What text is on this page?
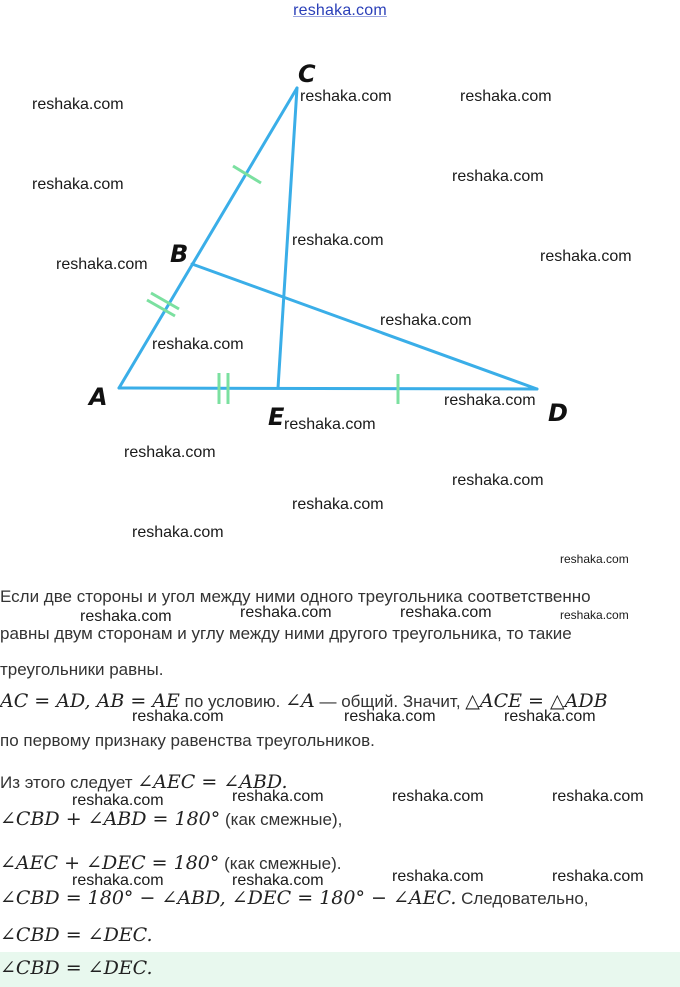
reshaka.com
C
B
A
E	D
reshaka.com	reshaka.com	reshaka.com
reshaka.com	reshaka.com
reshaka.com
reshaka.com	reshaka.com
reshaka.com
reshaka.com
reshaka.com
reshaka.com
reshaka.com
reshaka.com
reshaka.com
reshaka.com
reshaka.com
reshaka.com	reshaka.com	reshaka.com	reshaka.com
reshaka.com	reshaka.com	reshaka.com
reshaka.com	reshaka.com	reshaka.com	reshaka.com
reshaka.com	reshaka.com	reshaka.com	reshaka.com
Если две стороны и угол между ними одного треугольника соответственно
равны двум сторонам и углу между ними другого треугольника, то такие
треугольники равны.
AC = AD, AB = AE по условию. ∠A — общий. Значит, △ACE = △ADB
по первому признаку равенства треугольников.
Из этого следует ∠AEC = ∠ABD.
∠CBD + ∠ABD = 180° (как смежные),
∠AEC + ∠DEC = 180° (как смежные).
∠CBD = 180° − ∠ABD, ∠DEC = 180° − ∠AEC. Следовательно,
∠CBD = ∠DEC.
∠CBD = ∠DEC.
